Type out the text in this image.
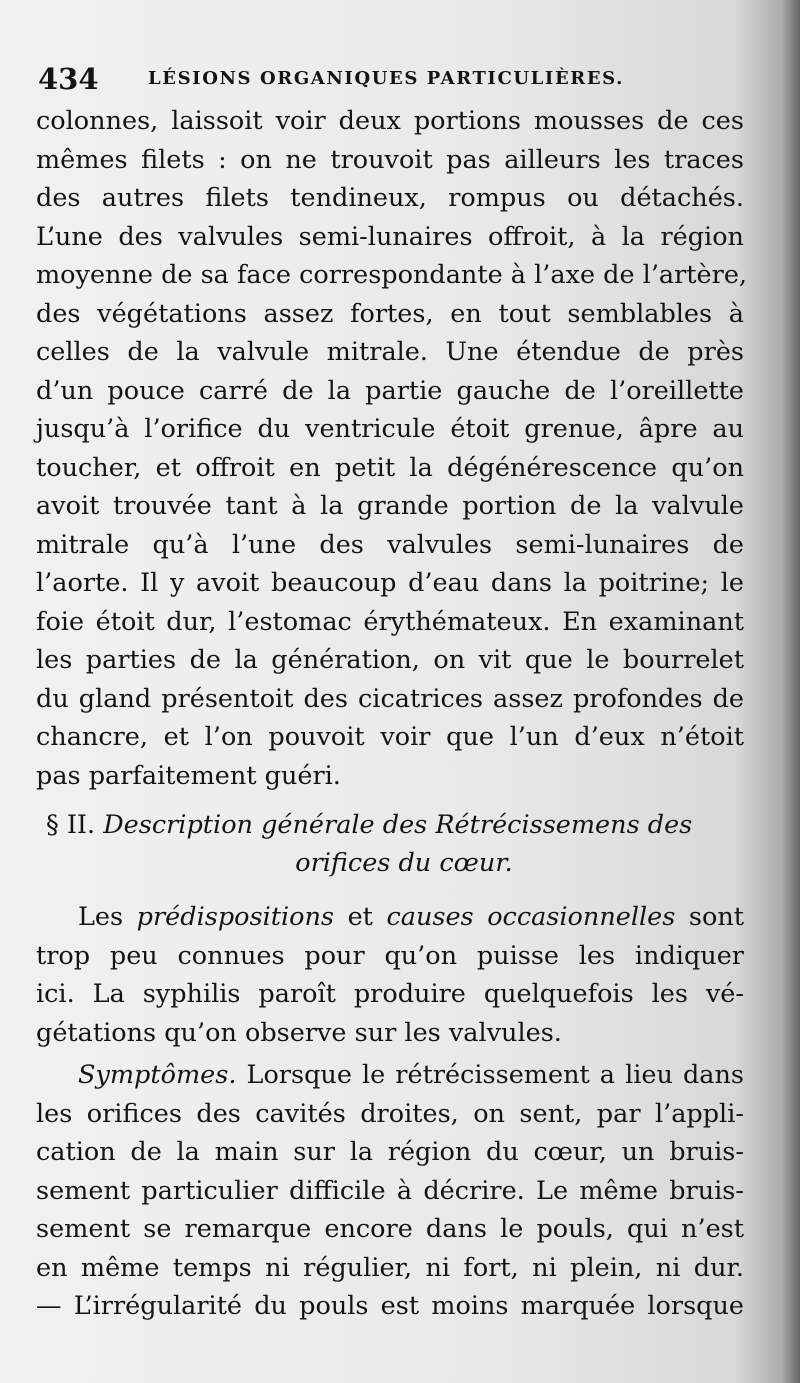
434	LÉSIONS ORGANIQUES PARTICULIÈRES.
colonnes, laissoit voir deux portions mousses de ces
mêmes filets : on ne trouvoit pas ailleurs les traces
des autres filets tendineux, rompus ou détachés.
L’une des valvules semi-lunaires offroit, à la région
moyenne de sa face correspondante à l’axe de l’artère,
des végétations assez fortes, en tout semblables à
celles de la valvule mitrale. Une étendue de près
d’un pouce carré de la partie gauche de l’oreillette
jusqu’à l’orifice du ventricule étoit grenue, âpre au
toucher, et offroit en petit la dégénérescence qu’on
avoit trouvée tant à la grande portion de la valvule
mitrale qu’à l’une des valvules semi-lunaires de
l’aorte. Il y avoit beaucoup d’eau dans la poitrine; le
foie étoit dur, l’estomac érythémateux. En examinant
les parties de la génération, on vit que le bourrelet
du gland présentoit des cicatrices assez profondes de
chancre, et l’on pouvoit voir que l’un d’eux n’étoit
pas parfaitement guéri.
§ II. Description générale des Rétrécissemens des
orifices du cœur.
Les prédispositions et causes occasionnelles sont
trop peu connues pour qu’on puisse les indiquer
ici. La syphilis paroît produire quelquefois les vé-
gétations qu’on observe sur les valvules.
Symptômes. Lorsque le rétrécissement a lieu dans
les orifices des cavités droites, on sent, par l’appli-
cation de la main sur la région du cœur, un bruis-
sement particulier difficile à décrire. Le même bruis-
sement se remarque encore dans le pouls, qui n’est
en même temps ni régulier, ni fort, ni plein, ni dur.
— L’irrégularité du pouls est moins marquée lorsque
